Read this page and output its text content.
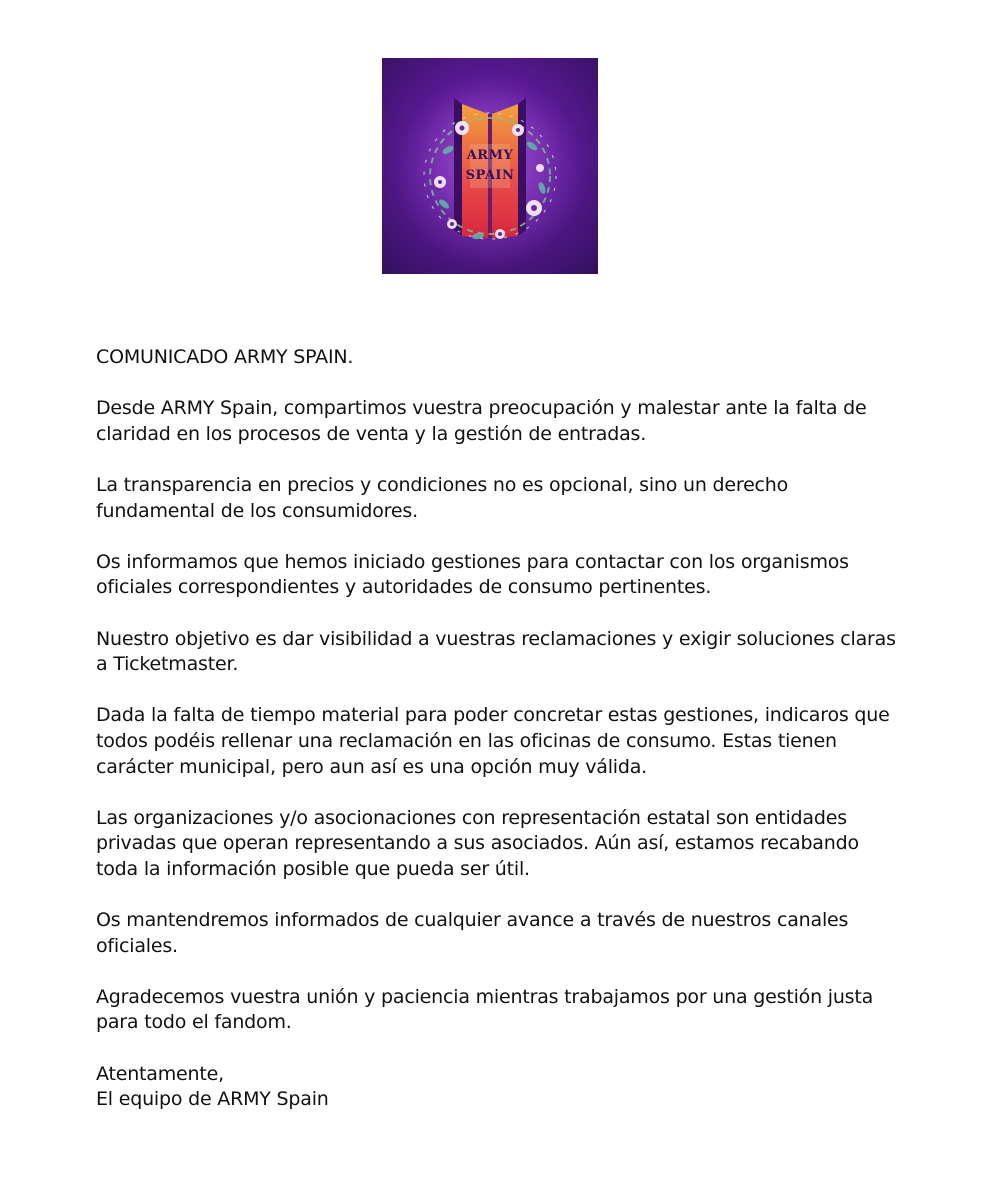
ARMY
SPAIN

COMUNICADO ARMY SPAIN.

Desde ARMY Spain, compartimos vuestra preocupación y malestar ante la falta de claridad en los procesos de venta y la gestión de entradas.

La transparencia en precios y condiciones no es opcional, sino un derecho fundamental de los consumidores.

Os informamos que hemos iniciado gestiones para contactar con los organismos oficiales correspondientes y autoridades de consumo pertinentes.

Nuestro objetivo es dar visibilidad a vuestras reclamaciones y exigir soluciones claras a Ticketmaster.

Dada la falta de tiempo material para poder concretar estas gestiones, indicaros que todos podéis rellenar una reclamación en las oficinas de consumo. Estas tienen carácter municipal, pero aun así es una opción muy válida.

Las organizaciones y/o asocionaciones con representación estatal son entidades privadas que operan representando a sus asociados. Aún así, estamos recabando toda la información posible que pueda ser útil.

Os mantendremos informados de cualquier avance a través de nuestros canales oficiales.

Agradecemos vuestra unión y paciencia mientras trabajamos por una gestión justa para todo el fandom.

Atentamente,
El equipo de ARMY Spain
